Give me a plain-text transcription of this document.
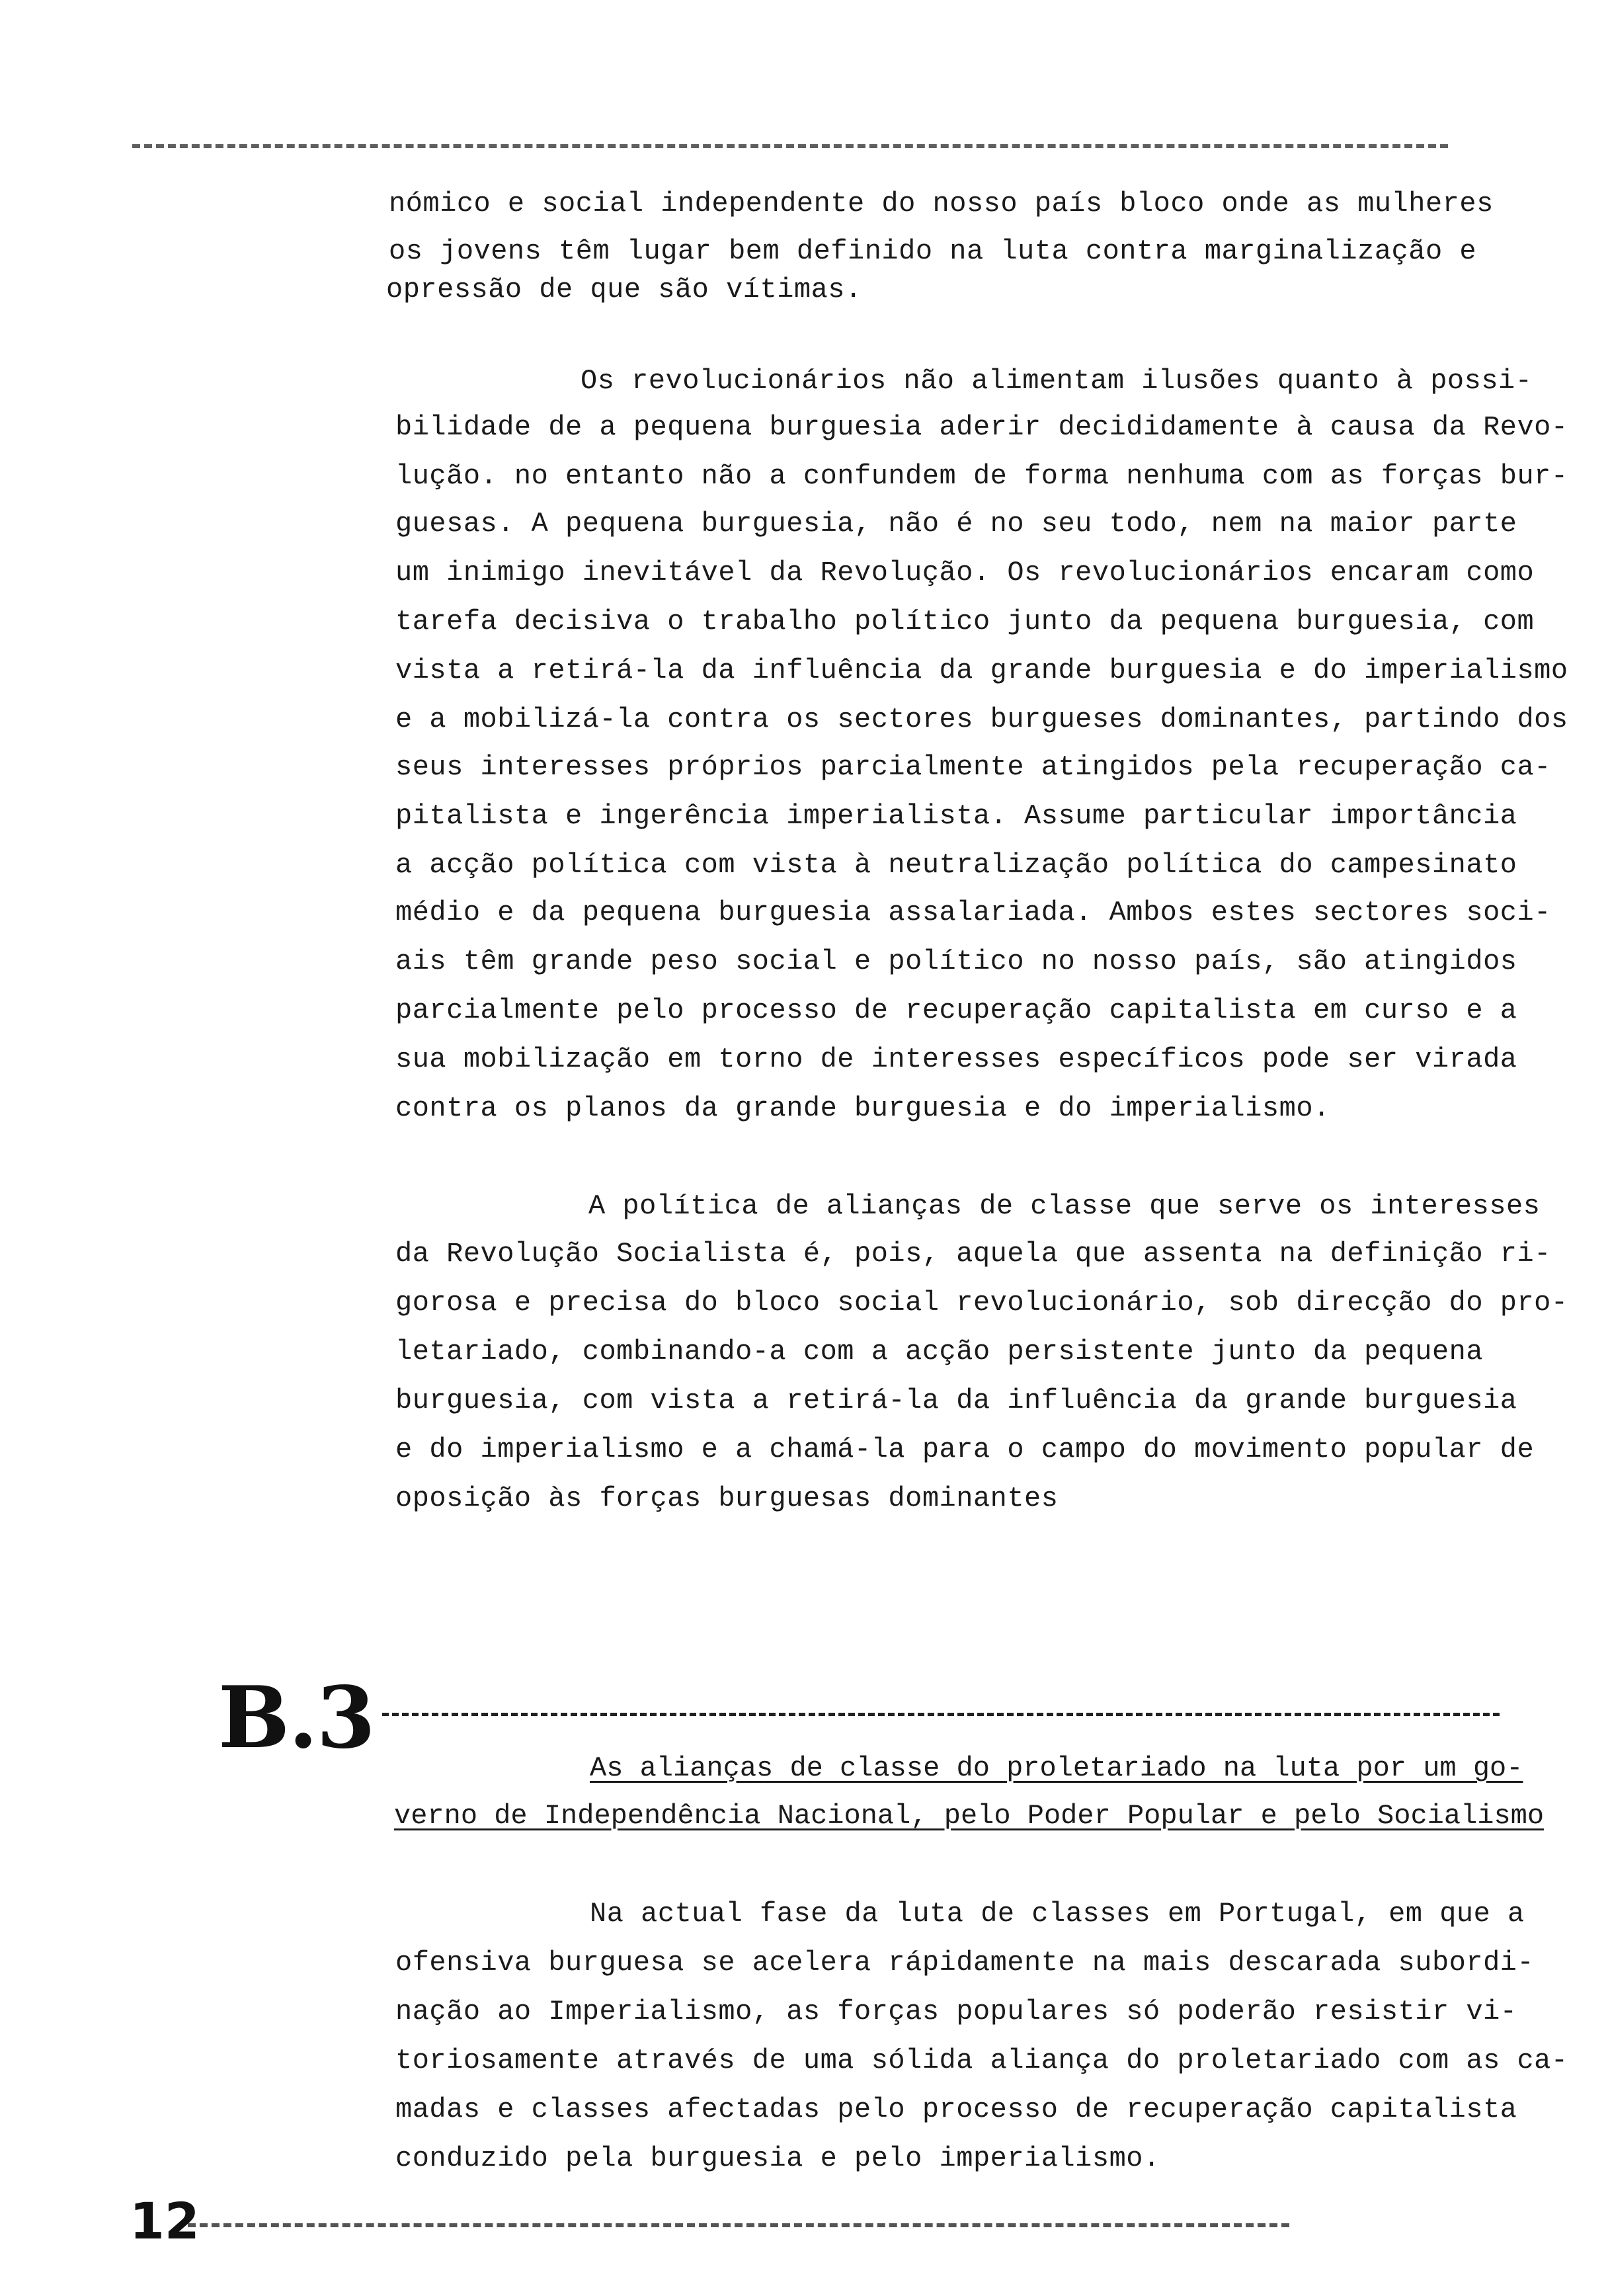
nómico e social independente do nosso país bloco onde as mulheres
os jovens têm lugar bem definido na luta contra marginalização e
opressão de que são vítimas.
Os revolucionários não alimentam ilusões quanto à possi-
bilidade de a pequena burguesia aderir decididamente à causa da Revo-
lução. no entanto não a confundem de forma nenhuma com as forças bur-
guesas. A pequena burguesia, não é no seu todo, nem na maior parte
um inimigo inevitável da Revolução. Os revolucionários encaram como
tarefa decisiva o trabalho político junto da pequena burguesia, com
vista a retirá-la da influência da grande burguesia e do imperialismo
e a mobilizá-la contra os sectores burgueses dominantes, partindo dos
seus interesses próprios parcialmente atingidos pela recuperação ca-
pitalista e ingerência imperialista. Assume particular importância
a acção política com vista à neutralização política do campesinato
médio e da pequena burguesia assalariada. Ambos estes sectores soci-
ais têm grande peso social e político no nosso país, são atingidos
parcialmente pelo processo de recuperação capitalista em curso e a
sua mobilização em torno de interesses específicos pode ser virada
contra os planos da grande burguesia e do imperialismo.
A política de alianças de classe que serve os interesses
da Revolução Socialista é, pois, aquela que assenta na definição ri-
gorosa e precisa do bloco social revolucionário, sob direcção do pro-
letariado, combinando-a com a acção persistente junto da pequena
burguesia, com vista a retirá-la da influência da grande burguesia
e do imperialismo e a chamá-la para o campo do movimento popular de
oposição às forças burguesas dominantes
B.3
As alianças de classe do proletariado na luta por um go-
verno de Independência Nacional, pelo Poder Popular e pelo Socialismo
Na actual fase da luta de classes em Portugal, em que a
ofensiva burguesa se acelera rápidamente na mais descarada subordi-
nação ao Imperialismo, as forças populares só poderão resistir vi-
toriosamente através de uma sólida aliança do proletariado com as ca-
madas e classes afectadas pelo processo de recuperação capitalista
conduzido pela burguesia e pelo imperialismo.
12
